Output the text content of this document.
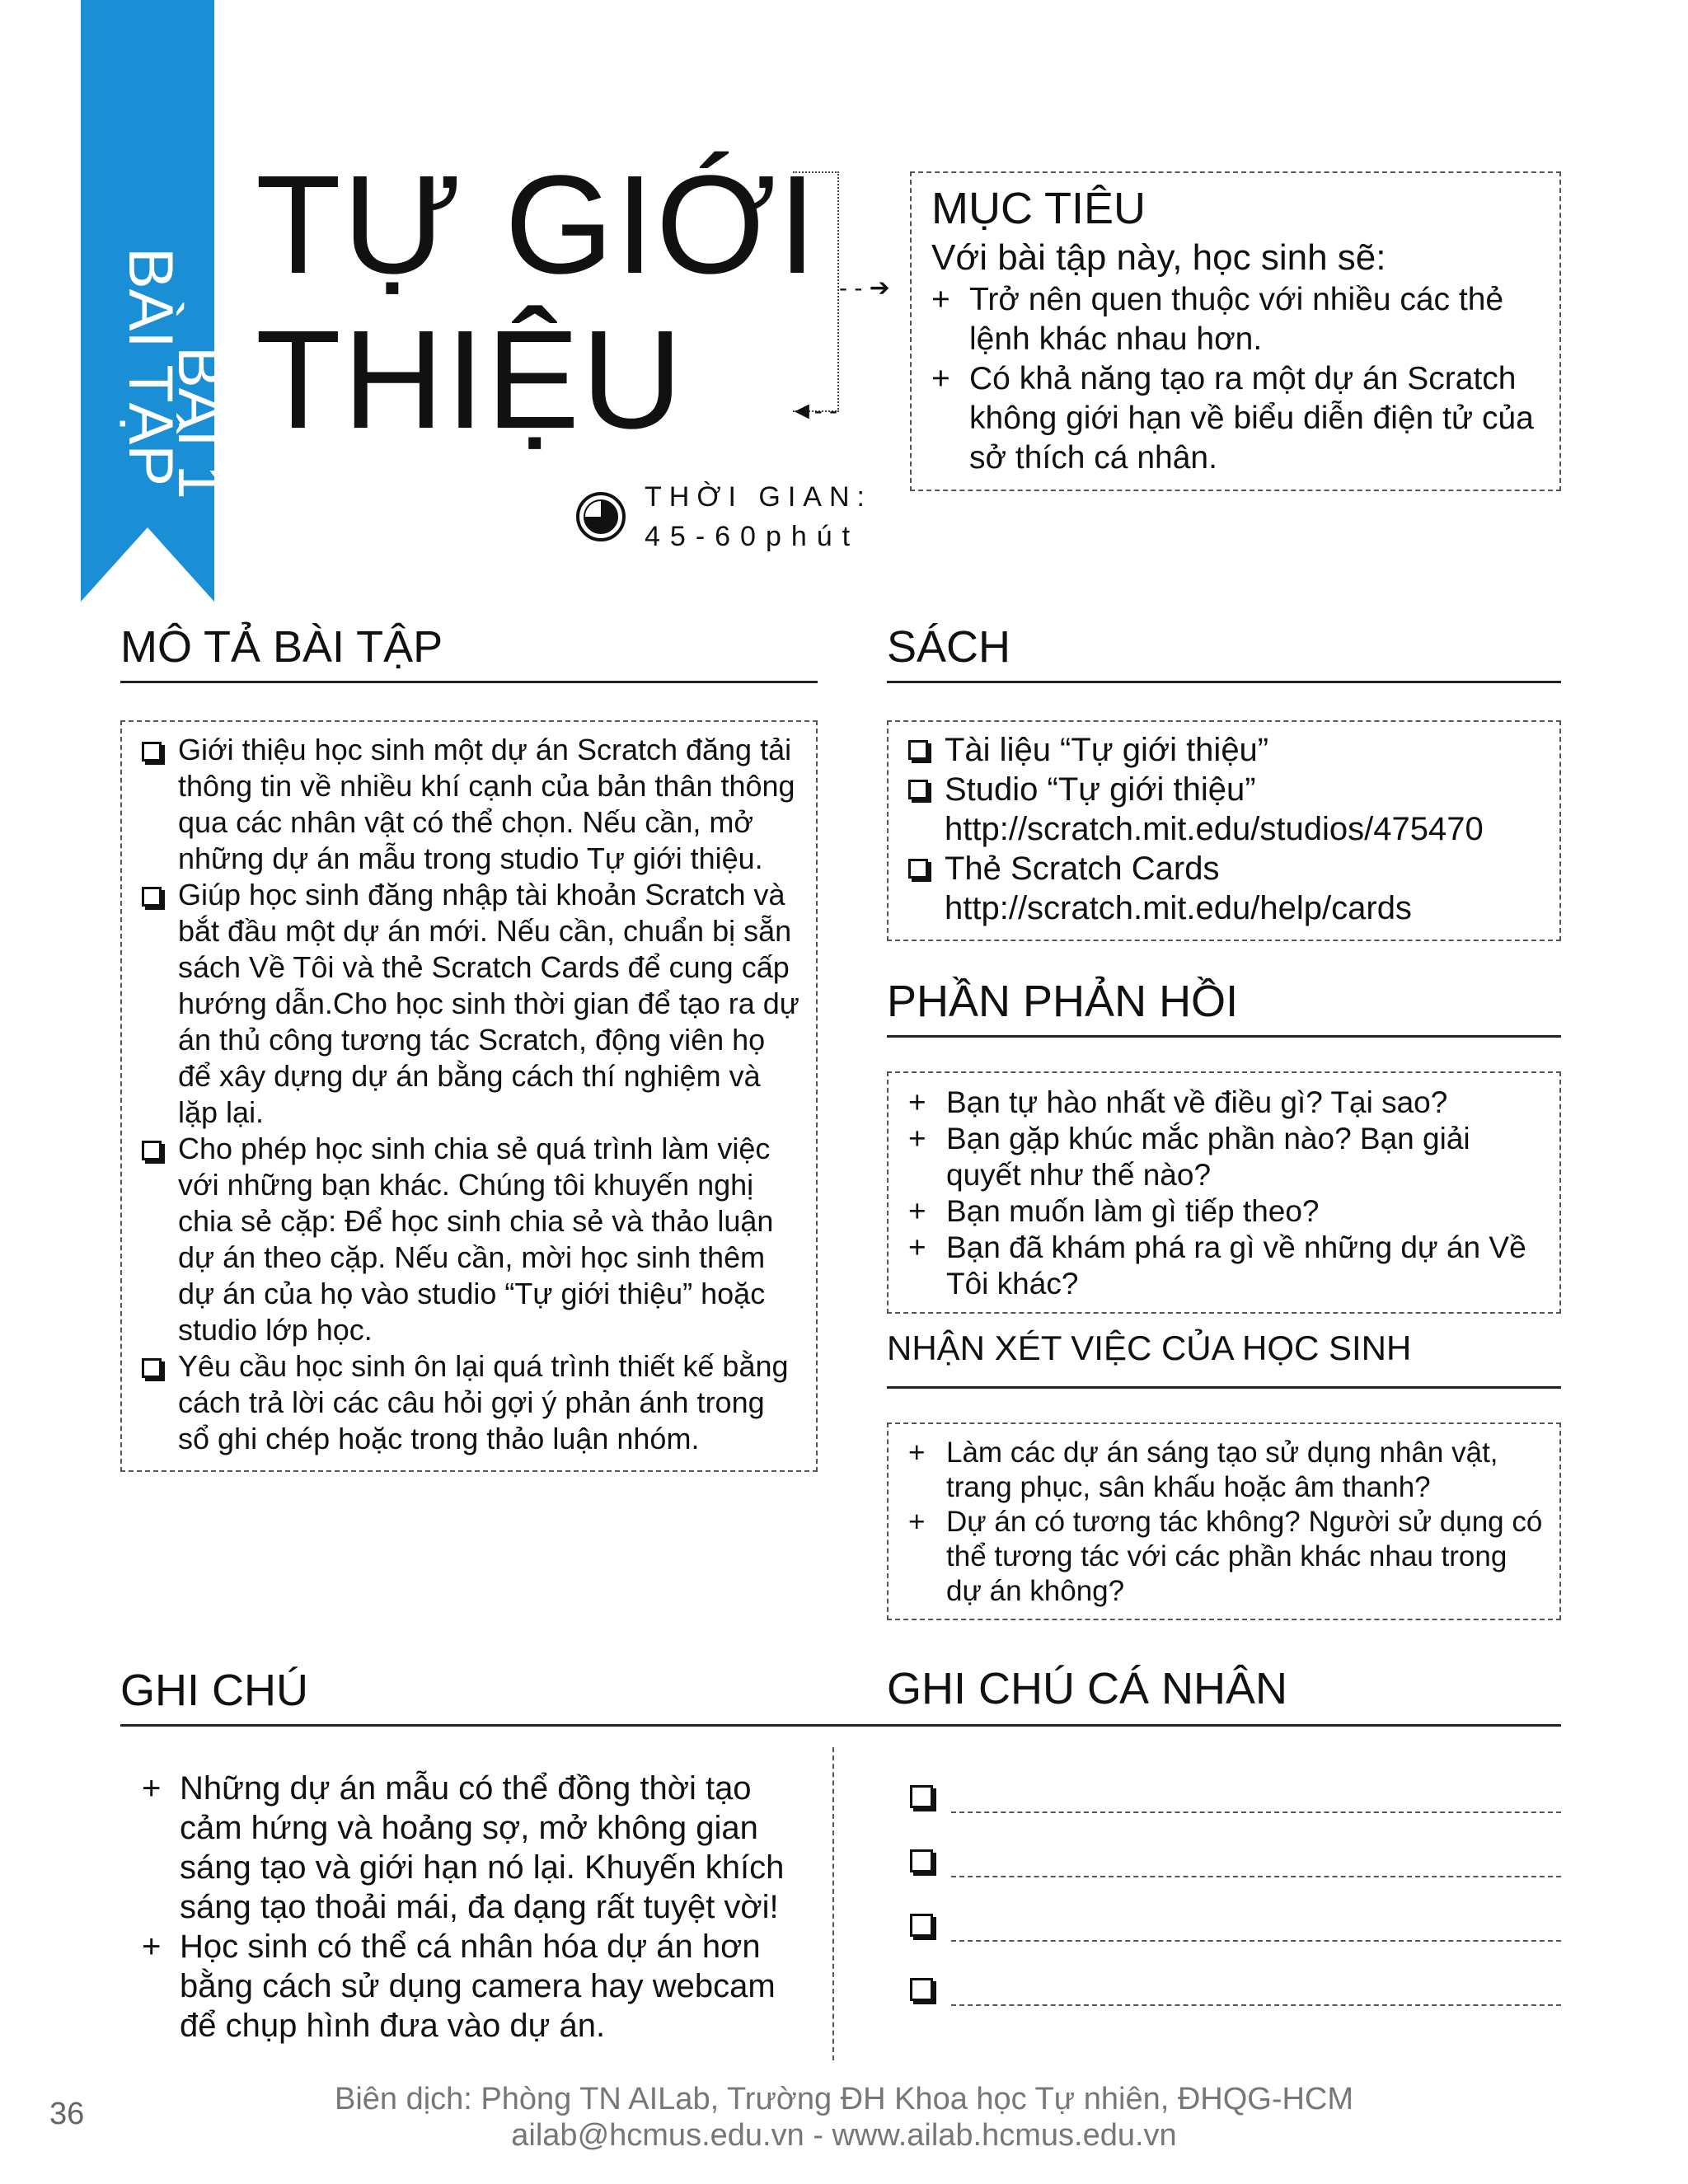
BÀI TẬP
BÀI 1
TỰ GIỚI
THIỆU
- - ➔
◄- -
THỜI GIAN:
45-60phút
MỤC TIÊU
Với bài tập này, học sinh sẽ:
+ Trở nên quen thuộc với nhiều các thẻ lệnh khác nhau hơn.
+ Có khả năng tạo ra một dự án Scratch không giới hạn về biểu diễn điện tử của sở thích cá nhân.
MÔ TẢ BÀI TẬP
Giới thiệu học sinh một dự án Scratch đăng tải thông tin về nhiều khí cạnh của bản thân thông qua các nhân vật có thể chọn. Nếu cần, mở những dự án mẫu trong studio Tự giới thiệu.
Giúp học sinh đăng nhập tài khoản Scratch và bắt đầu một dự án mới. Nếu cần, chuẩn bị sẵn sách Về Tôi và thẻ Scratch Cards để cung cấp hướng dẫn.Cho học sinh thời gian để tạo ra dự án thủ công tương tác Scratch, động viên họ để xây dựng dự án bằng cách thí nghiệm và lặp lại.
Cho phép học sinh chia sẻ quá trình làm việc với những bạn khác. Chúng tôi khuyến nghị chia sẻ cặp: Để học sinh chia sẻ và thảo luận dự án theo cặp. Nếu cần, mời học sinh thêm dự án của họ vào studio “Tự giới thiệu” hoặc studio lớp học.
Yêu cầu học sinh ôn lại quá trình thiết kế bằng cách trả lời các câu hỏi gợi ý phản ánh trong sổ ghi chép hoặc trong thảo luận nhóm.
SÁCH
Tài liệu “Tự giới thiệu”
Studio “Tự giới thiệu”
http://scratch.mit.edu/studios/475470
Thẻ Scratch Cards
http://scratch.mit.edu/help/cards
PHẦN PHẢN HỒI
+ Bạn tự hào nhất về điều gì? Tại sao?
+ Bạn gặp khúc mắc phần nào? Bạn giải quyết như thế nào?
+ Bạn muốn làm gì tiếp theo?
+ Bạn đã khám phá ra gì về những dự án Về Tôi khác?
NHẬN XÉT VIỆC CỦA HỌC SINH
+ Làm các dự án sáng tạo sử dụng nhân vật, trang phục, sân khấu hoặc âm thanh?
+ Dự án có tương tác không? Người sử dụng có thể tương tác với các phần khác nhau trong dự án không?
GHI CHÚ
+ Những dự án mẫu có thể đồng thời tạo cảm hứng và hoảng sợ, mở không gian sáng tạo và giới hạn nó lại. Khuyến khích sáng tạo thoải mái, đa dạng rất tuyệt vời!
+ Học sinh có thể cá nhân hóa dự án hơn bằng cách sử dụng camera hay webcam để chụp hình đưa vào dự án.
GHI CHÚ CÁ NHÂN
36	Biên dịch: Phòng TN AILab, Trường ĐH Khoa học Tự nhiên, ĐHQG-HCM
ailab@hcmus.edu.vn - www.ailab.hcmus.edu.vn
